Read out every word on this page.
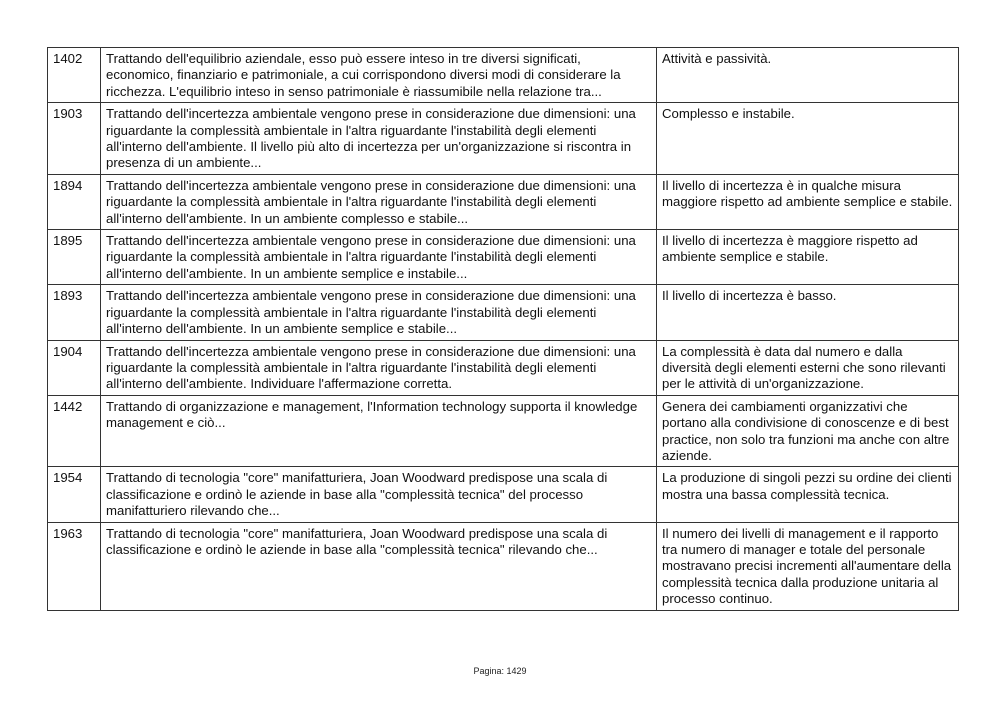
1402	Trattando dell'equilibrio aziendale, esso può essere inteso in tre diversi significati, economico, finanziario e patrimoniale, a cui corrispondono diversi modi di considerare la ricchezza. L'equilibrio inteso in senso patrimoniale è riassumibile nella relazione tra...	Attività e passività.
1903	Trattando dell'incertezza ambientale vengono prese in considerazione due dimensioni: una riguardante la complessità ambientale in l'altra riguardante l'instabilità degli elementi all'interno dell'ambiente. Il livello più alto di incertezza per un'organizzazione si riscontra in presenza di un ambiente...	Complesso e instabile.
1894	Trattando dell'incertezza ambientale vengono prese in considerazione due dimensioni: una riguardante la complessità ambientale in l'altra riguardante l'instabilità degli elementi all'interno dell'ambiente. In un ambiente complesso e stabile...	Il livello di incertezza è in qualche misura maggiore rispetto ad ambiente semplice e stabile.
1895	Trattando dell'incertezza ambientale vengono prese in considerazione due dimensioni: una riguardante la complessità ambientale in l'altra riguardante l'instabilità degli elementi all'interno dell'ambiente. In un ambiente semplice e instabile...	Il livello di incertezza è maggiore rispetto ad ambiente semplice e stabile.
1893	Trattando dell'incertezza ambientale vengono prese in considerazione due dimensioni: una riguardante la complessità ambientale in l'altra riguardante l'instabilità degli elementi all'interno dell'ambiente. In un ambiente semplice e stabile...	Il livello di incertezza è basso.
1904	Trattando dell'incertezza ambientale vengono prese in considerazione due dimensioni: una riguardante la complessità ambientale in l'altra riguardante l'instabilità degli elementi all'interno dell'ambiente. Individuare l'affermazione corretta.	La complessità è data dal numero e dalla diversità degli elementi esterni che sono rilevanti per le attività di un'organizzazione.
1442	Trattando di organizzazione e management, l'Information technology supporta il knowledge management e ciò...	Genera dei cambiamenti organizzativi che portano alla condivisione di conoscenze e di best practice, non solo tra funzioni ma anche con altre aziende.
1954	Trattando di tecnologia "core" manifatturiera, Joan Woodward predispose una scala di classificazione e ordinò le aziende in base alla "complessità tecnica" del processo manifatturiero rilevando che...	La produzione di singoli pezzi su ordine dei clienti mostra una bassa complessità tecnica.
1963	Trattando di tecnologia "core" manifatturiera, Joan Woodward predispose una scala di classificazione e ordinò le aziende in base alla "complessità tecnica" rilevando che...	Il numero dei livelli di management e il rapporto tra numero di manager e totale del personale mostravano precisi incrementi all'aumentare della complessità tecnica dalla produzione unitaria al processo continuo.
Pagina: 1429
